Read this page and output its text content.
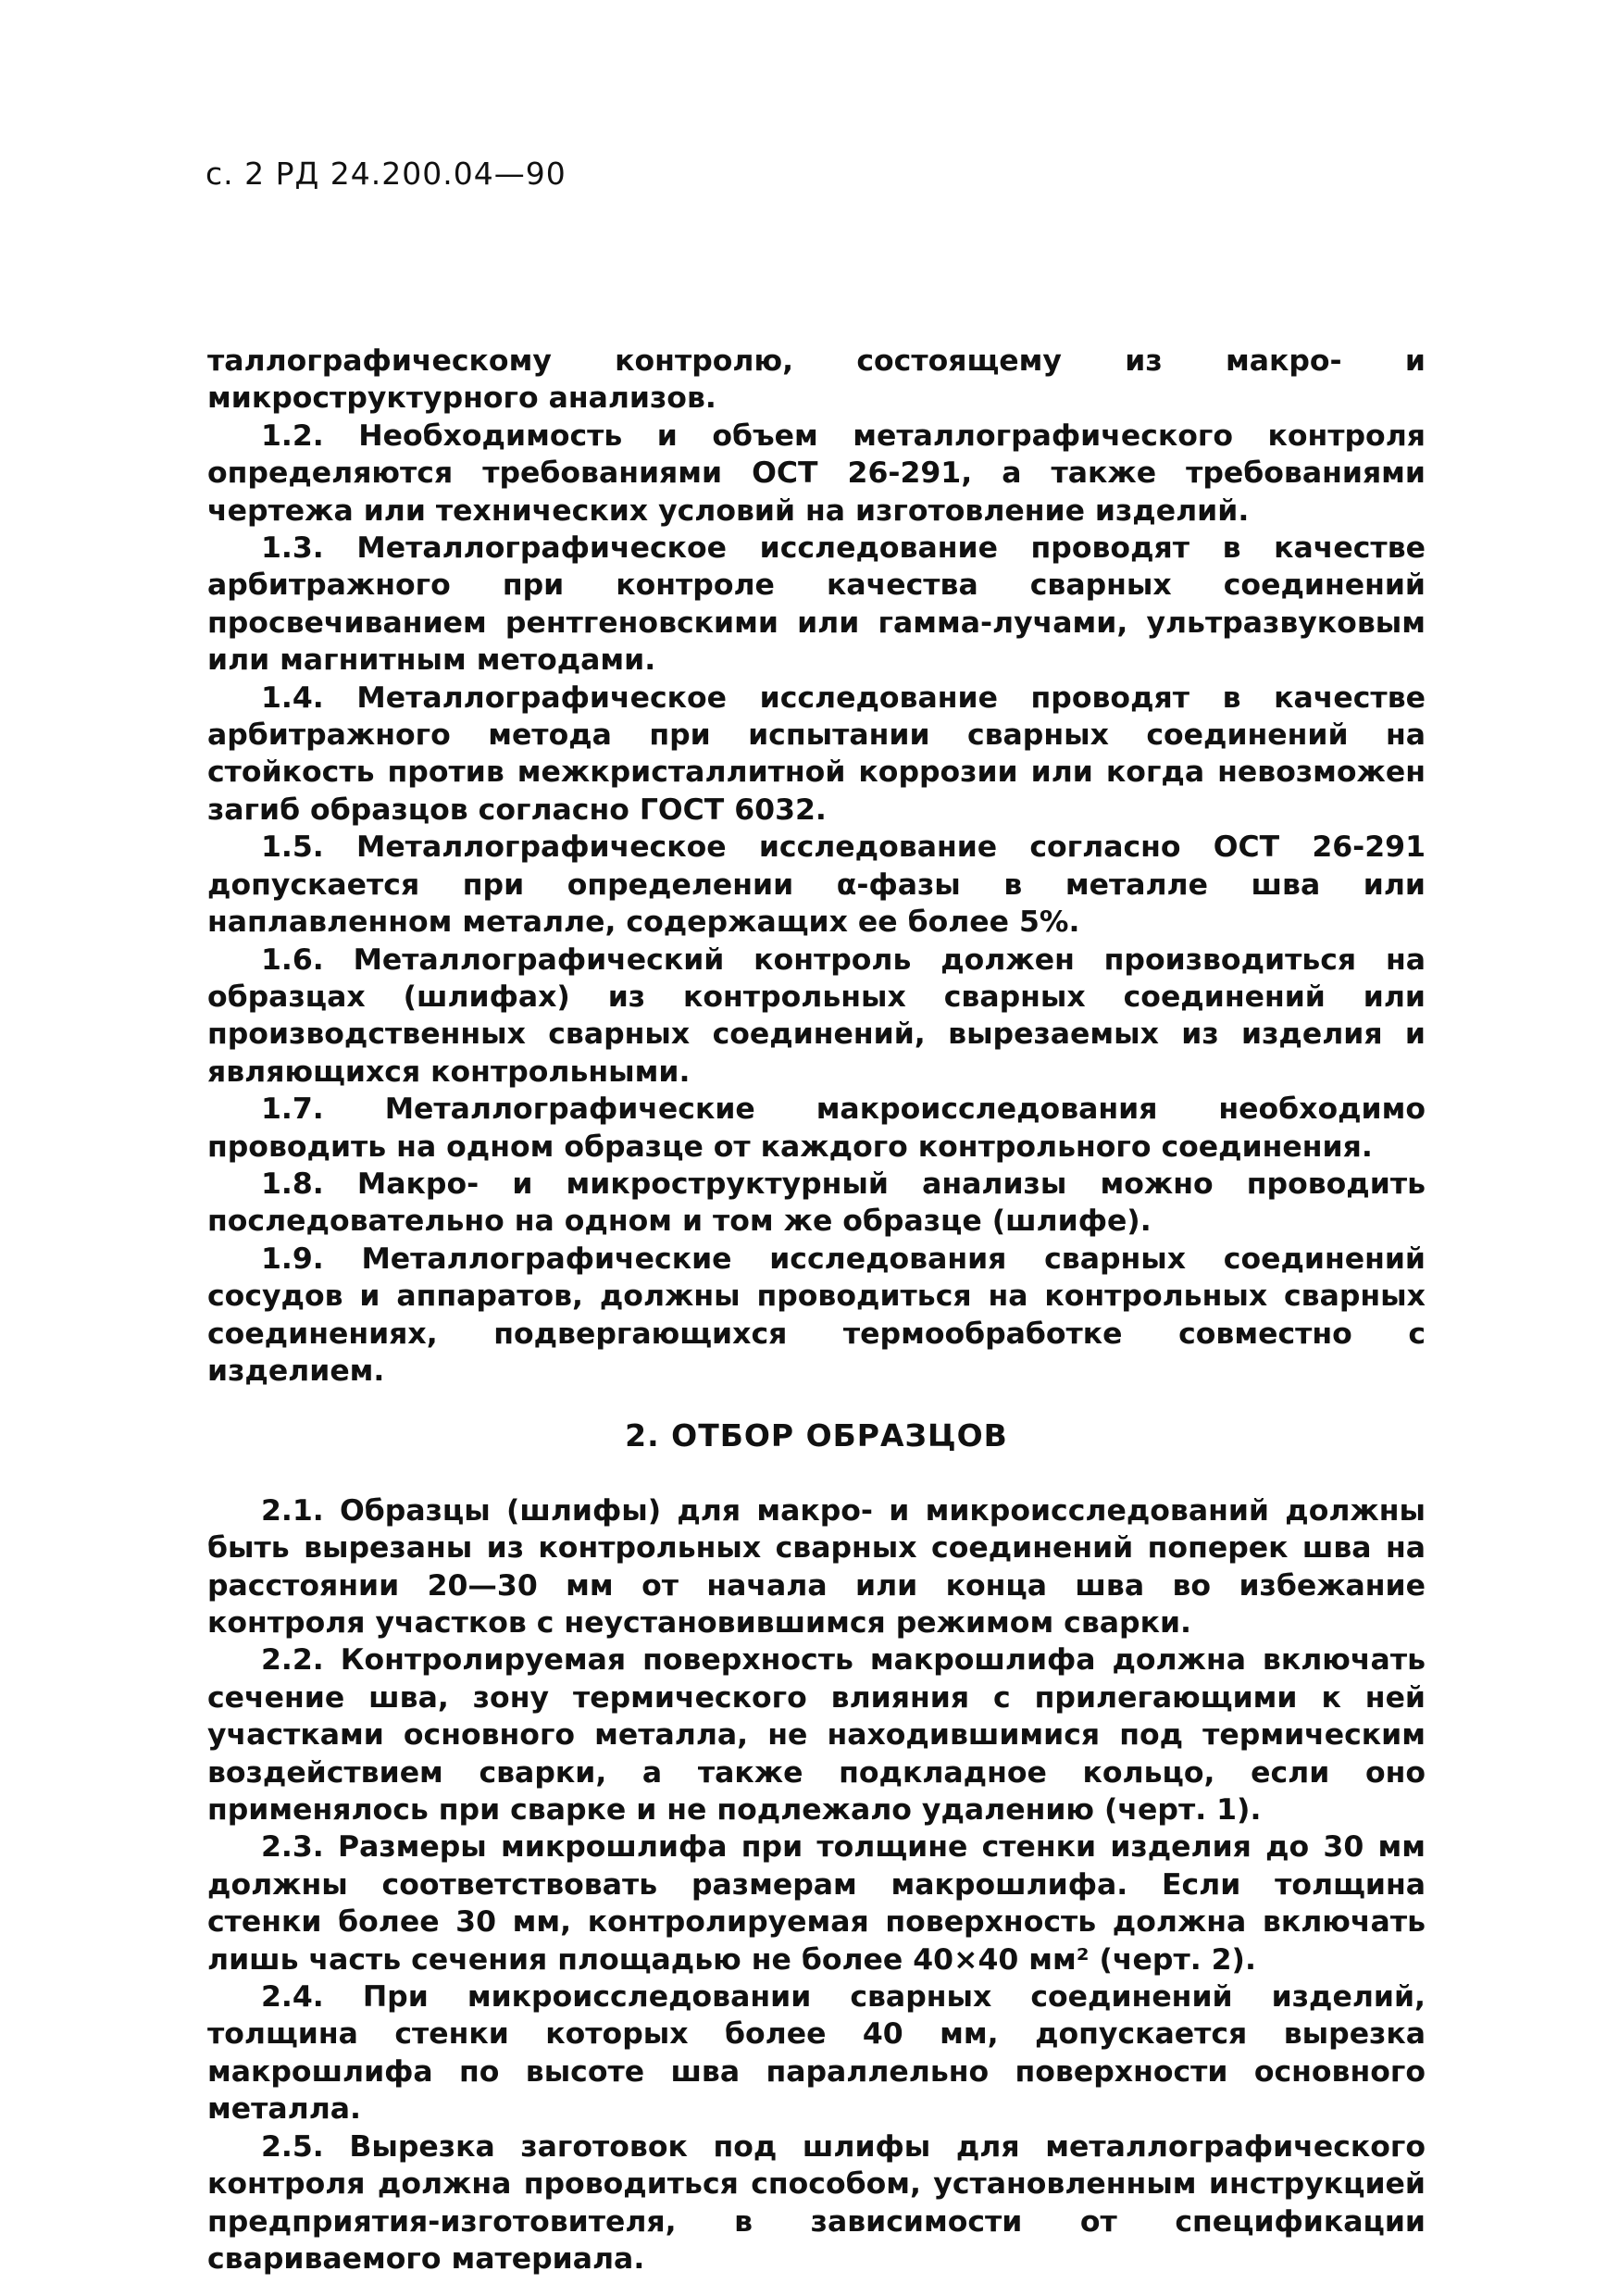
с. 2 РД 24.200.04—90

таллографическому контролю, состоящему из макро- и микроструктурного анализов.

1.2. Необходимость и объем металлографического контроля определяются требованиями ОСТ 26-291, а также требованиями чертежа или технических условий на изготовление изделий.

1.3. Металлографическое исследование проводят в качестве арбитражного при контроле качества сварных соединений просвечиванием рентгеновскими или гамма-лучами, ультразвуковым или магнитным методами.

1.4. Металлографическое исследование проводят в качестве арбитражного метода при испытании сварных соединений на стойкость против межкристаллитной коррозии или когда невозможен загиб образцов согласно ГОСТ 6032.

1.5. Металлографическое исследование согласно ОСТ 26-291 допускается при определении α-фазы в металле шва или наплавленном металле, содержащих ее более 5%.

1.6. Металлографический контроль должен производиться на образцах (шлифах) из контрольных сварных соединений или производственных сварных соединений, вырезаемых из изделия и являющихся контрольными.

1.7. Металлографические макроисследования необходимо проводить на одном образце от каждого контрольного соединения.

1.8. Макро- и микроструктурный анализы можно проводить последовательно на одном и том же образце (шлифе).

1.9. Металлографические исследования сварных соединений сосудов и аппаратов, должны проводиться на контрольных сварных соединениях, подвергающихся термообработке совместно с изделием.

2. ОТБОР ОБРАЗЦОВ

2.1. Образцы (шлифы) для макро- и микроисследований должны быть вырезаны из контрольных сварных соединений поперек шва на расстоянии 20—30 мм от начала или конца шва во избежание контроля участков с неустановившимся режимом сварки.

2.2. Контролируемая поверхность макрошлифа должна включать сечение шва, зону термического влияния с прилегающими к ней участками основного металла, не находившимися под термическим воздействием сварки, а также подкладное кольцо, если оно применялось при сварке и не подлежало удалению (черт. 1).

2.3. Размеры микрошлифа при толщине стенки изделия до 30 мм должны соответствовать размерам макрошлифа. Если толщина стенки более 30 мм, контролируемая поверхность должна включать лишь часть сечения площадью не более 40×40 мм² (черт. 2).

2.4. При микроисследовании сварных соединений изделий, толщина стенки которых более 40 мм, допускается вырезка макрошлифа по высоте шва параллельно поверхности основного металла.

2.5. Вырезка заготовок под шлифы для металлографического контроля должна проводиться способом, установленным инструкцией предприятия-изготовителя, в зависимости от спецификации свариваемого материала.
